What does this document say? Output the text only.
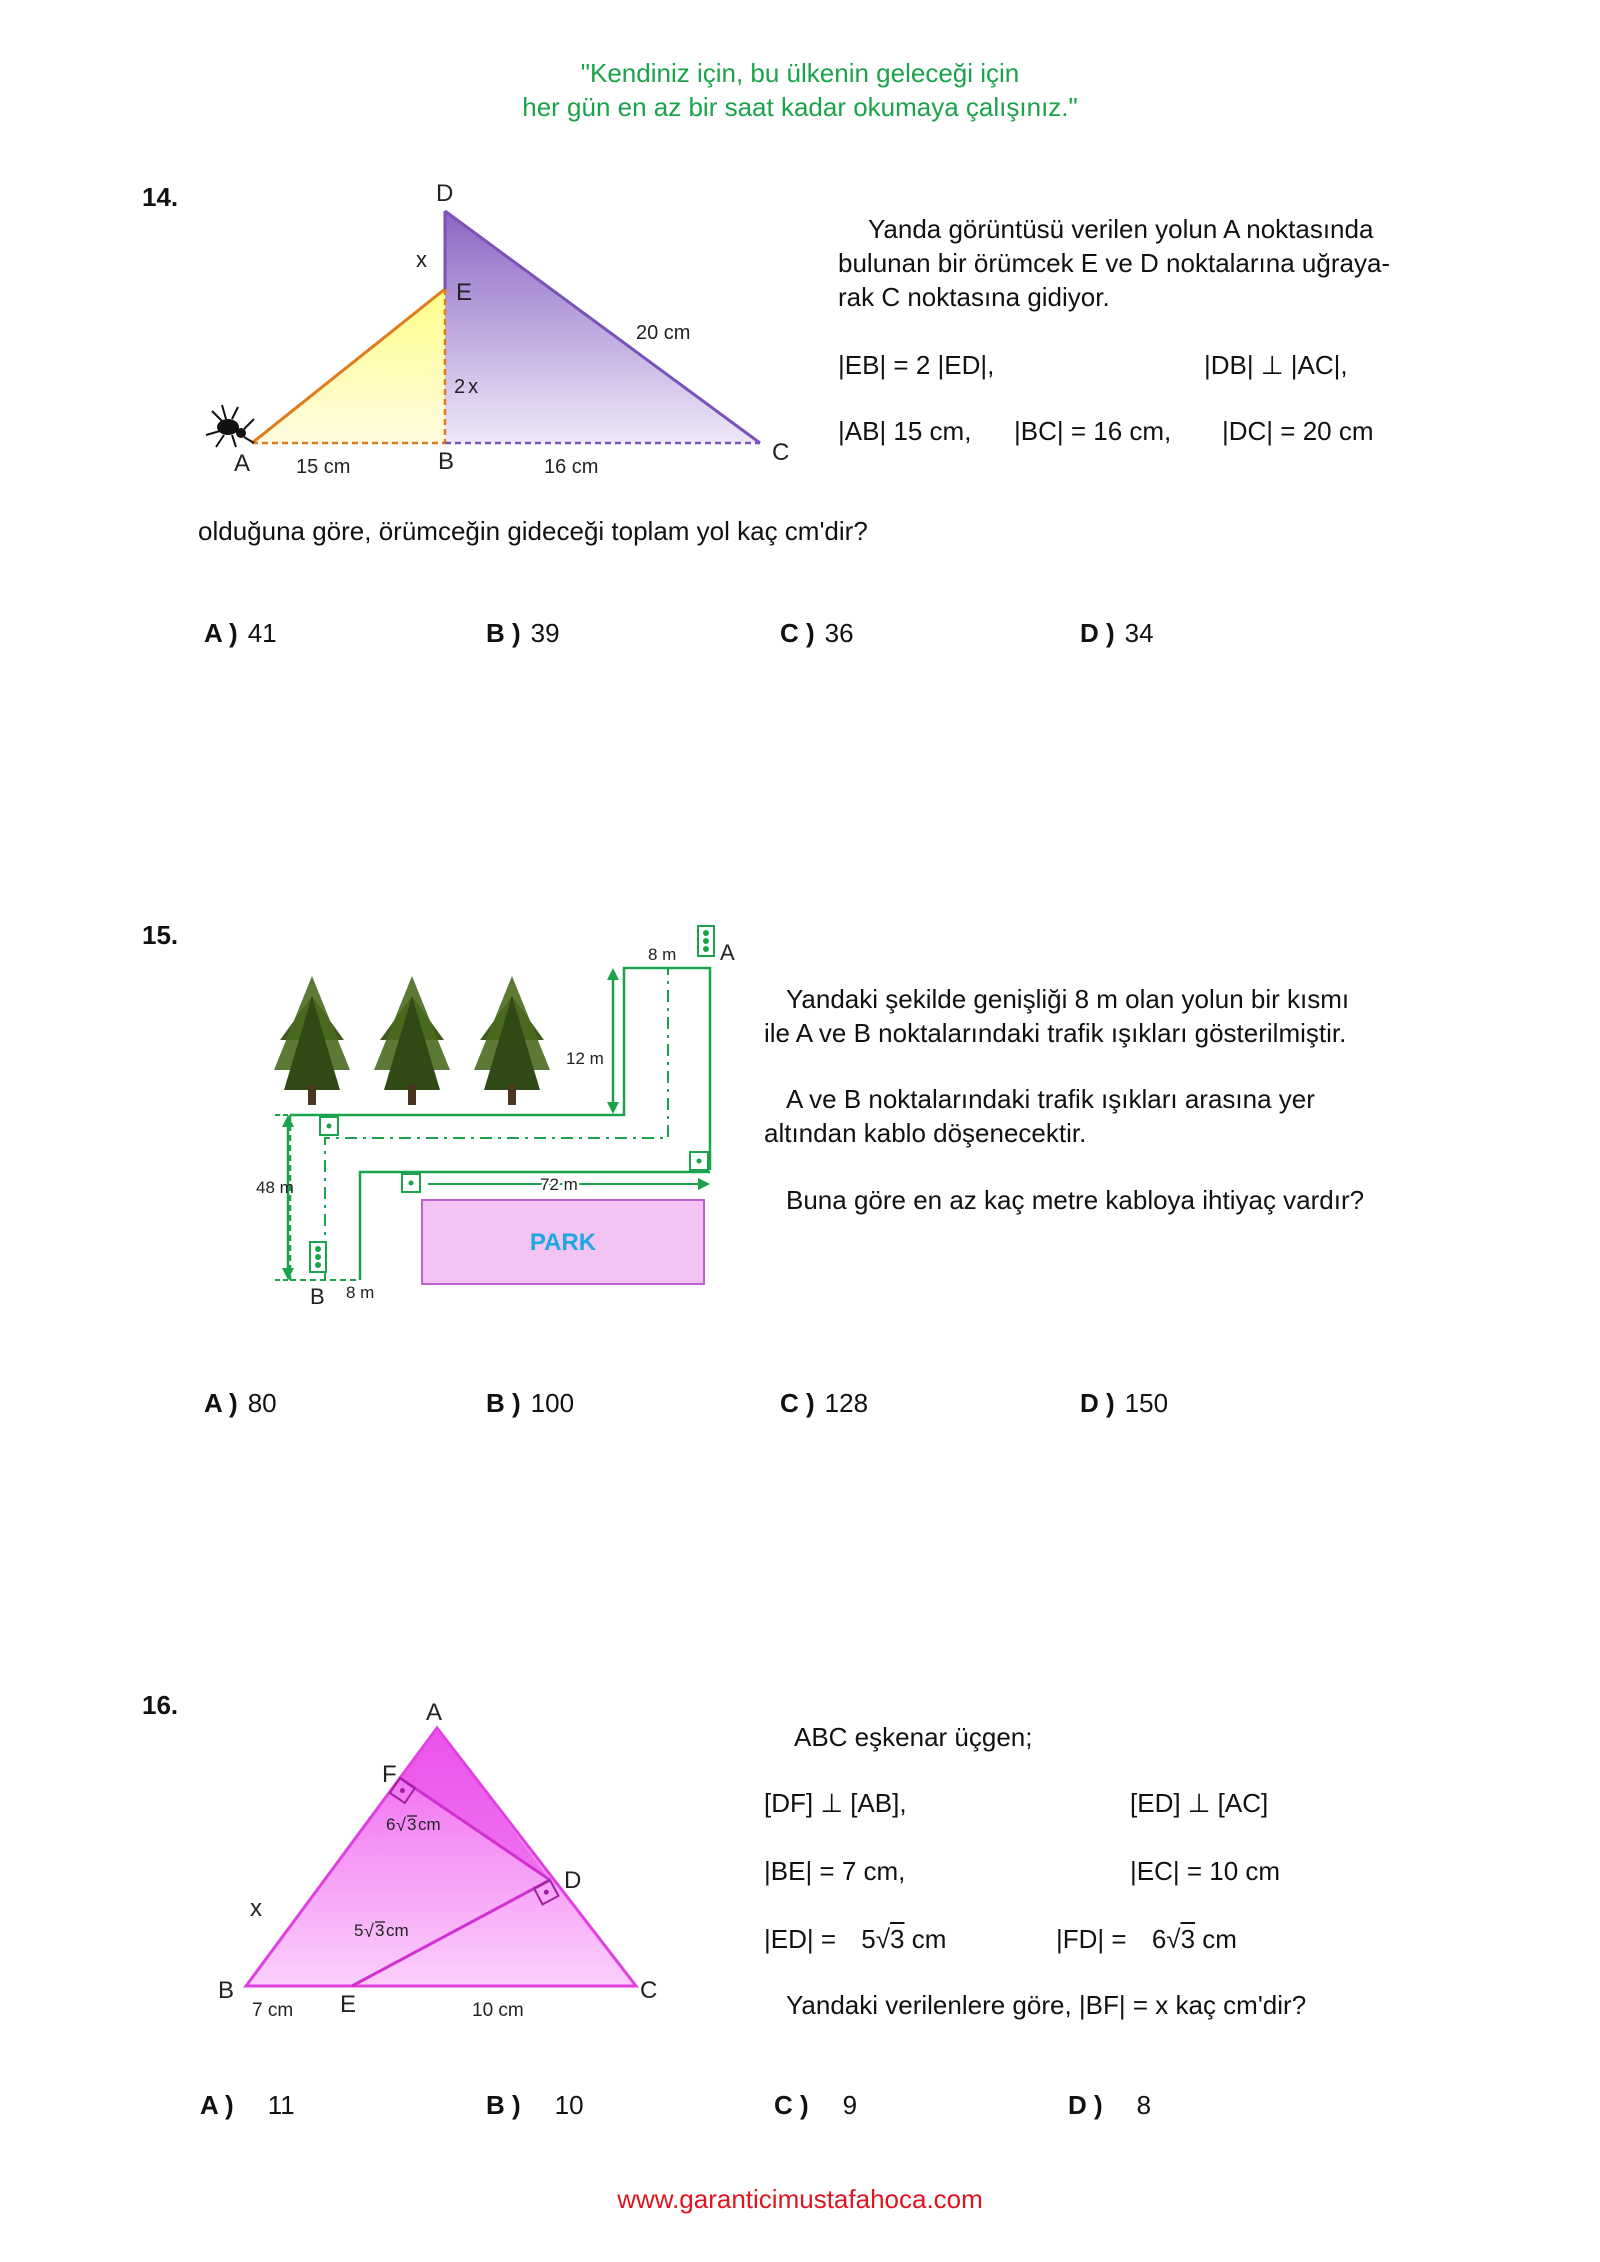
"Kendiniz için, bu ülkenin geleceği için
her gün en az bir saat kadar okumaya çalışınız."
14.	D
x
E
2x
20 cm
A	B	C
15 cm	16 cm
Yanda görüntüsü verilen yolun A noktasında
bulunan bir örümcek E ve D noktalarına uğraya-
rak C noktasına gidiyor.
|EB| = 2 |ED|,	|DB| ⊥ |AC|,
|AB| 15 cm, |BC| = 16 cm, |DC| = 20 cm
olduğuna göre, örümceğin gideceği toplam yol kaç cm'dir?
A ) 41	B ) 39	C ) 36	D ) 34
15.
8 m A
12 m
48 m	72 m
B 8 m
PARK
Yandaki şekilde genişliği 8 m olan yolun bir kısmı
ile A ve B noktalarındaki trafik ışıkları gösterilmiştir.
A ve B noktalarındaki trafik ışıkları arasına yer
altından kablo döşenecektir.
Buna göre en az kaç metre kabloya ihtiyaç vardır?
A ) 80	B ) 100	C ) 128	D ) 150
16.	A
F
D
x
B
E
C
7 cm	10 cm
6 √ 3 cm
5 √ 3 cm
ABC eşkenar üçgen;
[DF] ⊥ [AB],	[ED] ⊥ [AC]
|BE| = 7 cm,	|EC| = 10 cm
|ED| = 5√3 cm	|FD| = 6√3 cm
Yandaki verilenlere göre, |BF| = x kaç cm'dir?
A ) 11	B ) 10	C ) 9	D ) 8
www.garanticimustafahoca.com
